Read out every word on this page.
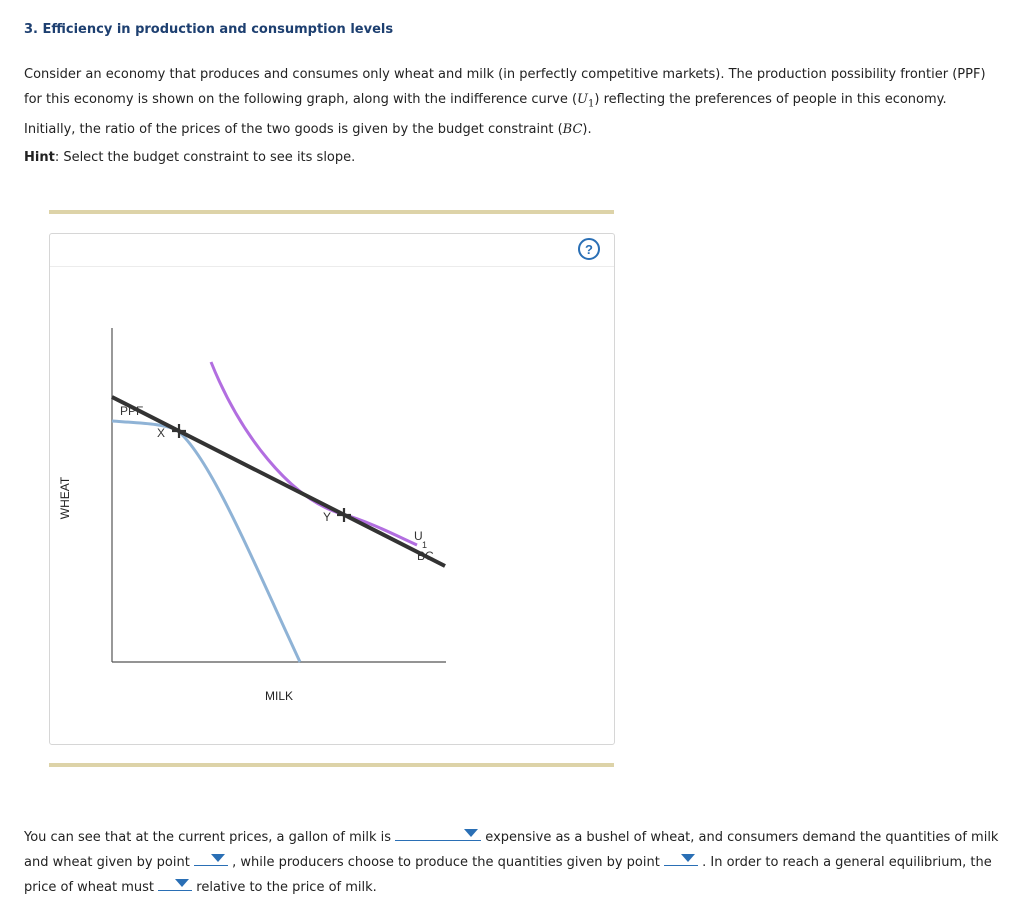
3. Efficiency in production and consumption levels
Consider an economy that produces and consumes only wheat and milk (in perfectly competitive markets). The production possibility frontier (PPF) for this economy is shown on the following graph, along with the indifference curve $(U_1)$ reflecting the preferences of people in this economy. Initially, the ratio of the prices of the two goods is given by the budget constraint (BC).
Hint: Select the budget constraint to see its slope.
?
PPF
X
Y
U
1
BC
WHEAT
MILK
You can see that at the current prices, a gallon of milk is	expensive as a bushel of wheat, and consumers demand the quantities of milk and wheat given by point	, while producers choose to produce the quantities given by point	. In order to reach a general equilibrium, the price of wheat must	relative to the price of milk.
